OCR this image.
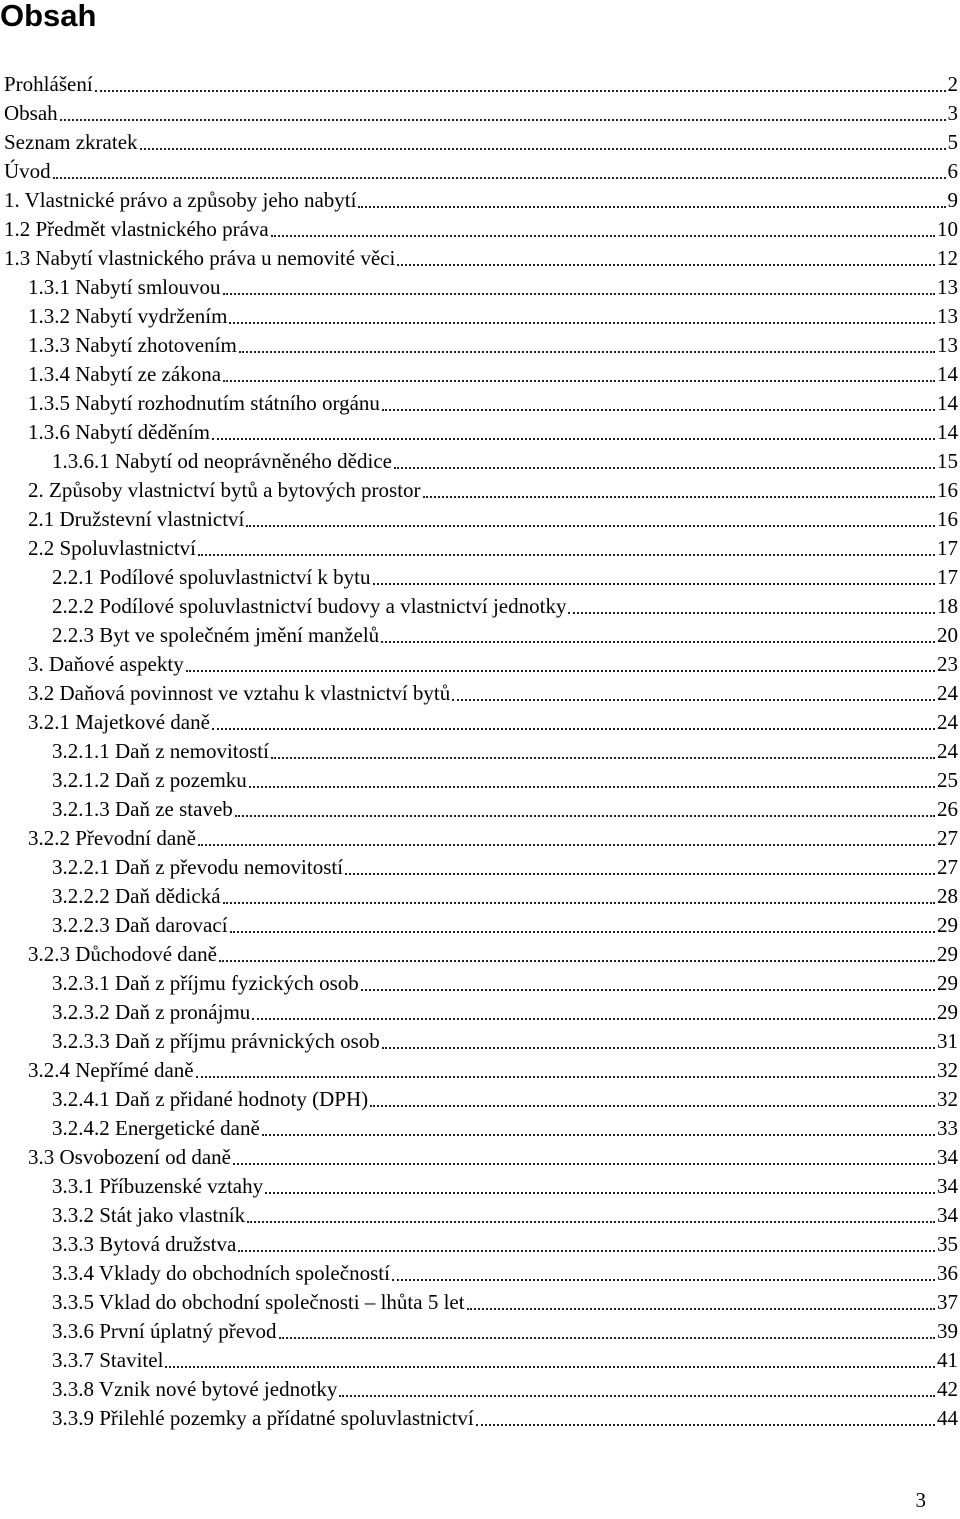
Obsah
Prohlášení	2
Obsah	3
Seznam zkratek	5
Úvod	6
1. Vlastnické právo a způsoby jeho nabytí	9
1.2 Předmět vlastnického práva	10
1.3 Nabytí vlastnického práva u nemovité věci	12
1.3.1 Nabytí smlouvou	13
1.3.2 Nabytí vydržením	13
1.3.3 Nabytí zhotovením	13
1.3.4 Nabytí ze zákona	14
1.3.5 Nabytí rozhodnutím státního orgánu	14
1.3.6 Nabytí děděním	14
1.3.6.1 Nabytí od neoprávněného dědice	15
2. Způsoby vlastnictví bytů a bytových prostor	16
2.1 Družstevní vlastnictví	16
2.2 Spoluvlastnictví	17
2.2.1 Podílové spoluvlastnictví k bytu	17
2.2.2 Podílové spoluvlastnictví budovy a vlastnictví jednotky	18
2.2.3 Byt ve společném jmění manželů	20
3. Daňové aspekty	23
3.2 Daňová povinnost ve vztahu k vlastnictví bytů	24
3.2.1 Majetkové daně	24
3.2.1.1 Daň z nemovitostí	24
3.2.1.2 Daň z pozemku	25
3.2.1.3 Daň ze staveb	26
3.2.2 Převodní daně	27
3.2.2.1 Daň z převodu nemovitostí	27
3.2.2.2 Daň dědická	28
3.2.2.3 Daň darovací	29
3.2.3 Důchodové daně	29
3.2.3.1 Daň z příjmu fyzických osob	29
3.2.3.2 Daň z pronájmu	29
3.2.3.3 Daň z příjmu právnických osob	31
3.2.4 Nepřímé daně	32
3.2.4.1 Daň z přidané hodnoty (DPH)	32
3.2.4.2 Energetické daně	33
3.3 Osvobození od daně	34
3.3.1 Příbuzenské vztahy	34
3.3.2 Stát jako vlastník	34
3.3.3 Bytová družstva	35
3.3.4 Vklady do obchodních společností	36
3.3.5 Vklad do obchodní společnosti – lhůta 5 let	37
3.3.6 První úplatný převod	39
3.3.7 Stavitel	41
3.3.8 Vznik nové bytové jednotky	42
3.3.9 Přilehlé pozemky a přídatné spoluvlastnictví	44
3
